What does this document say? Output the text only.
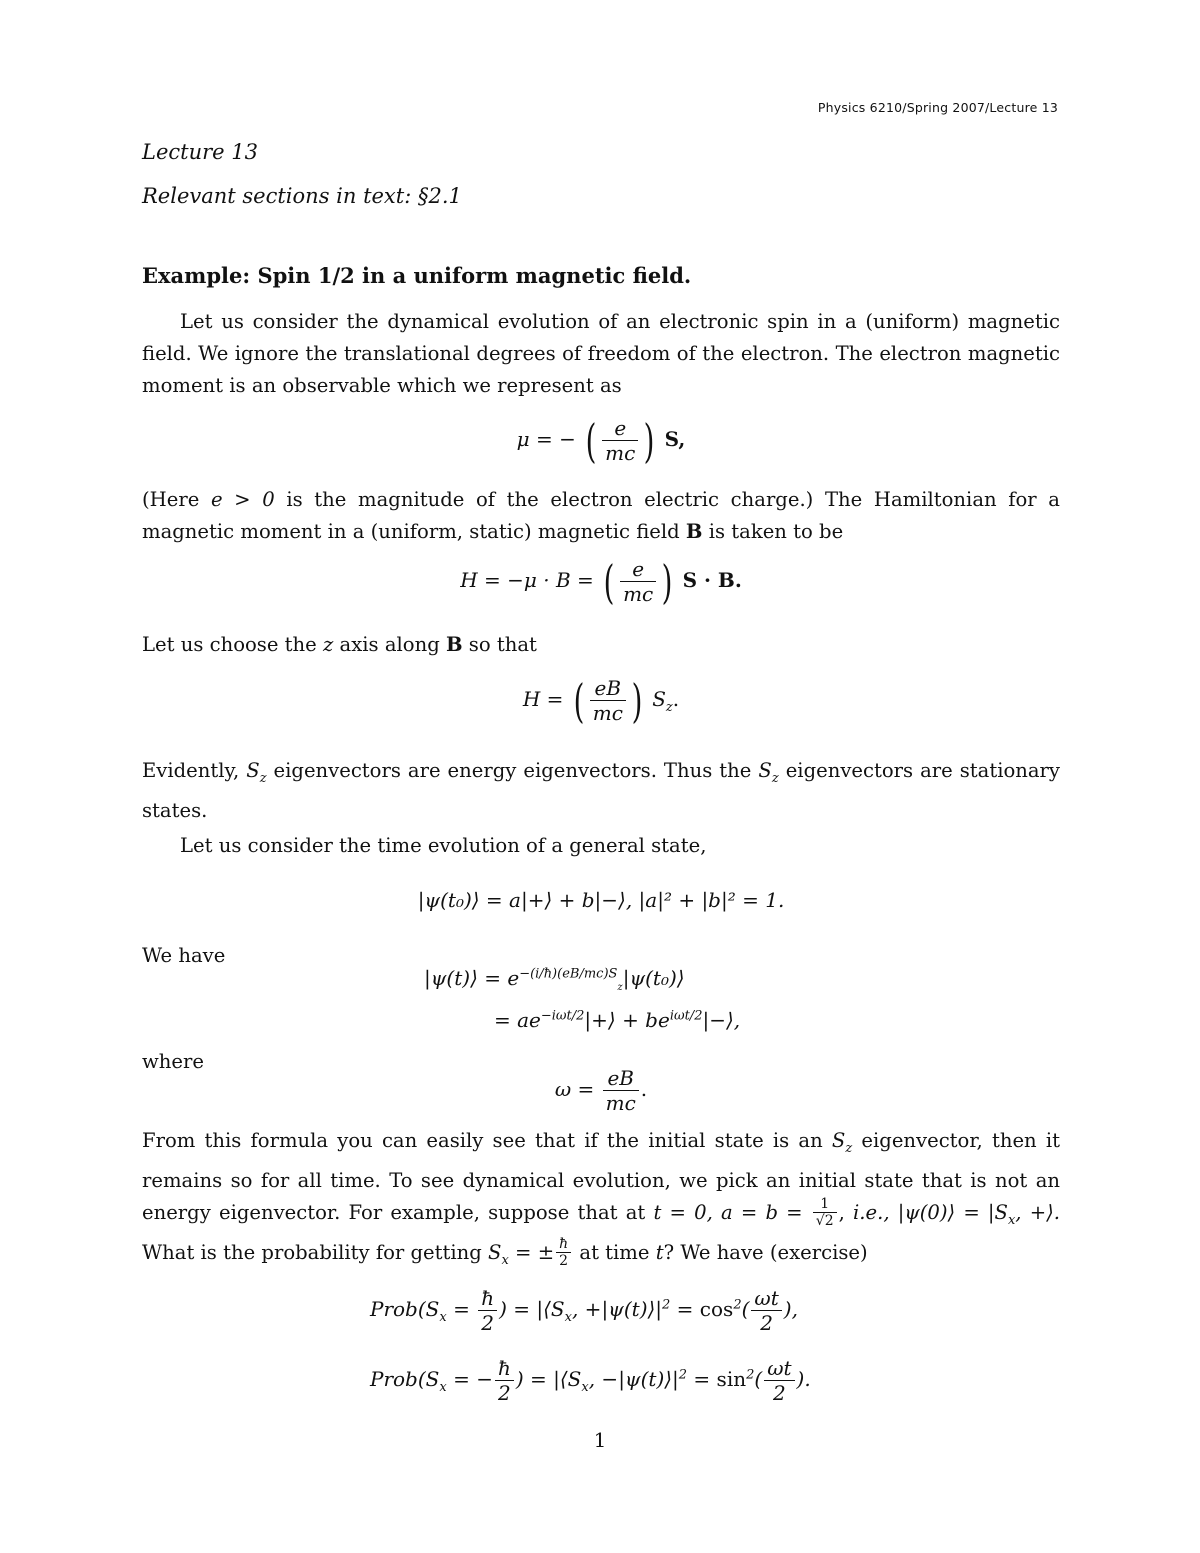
Physics 6210/Spring 2007/Lecture 13
Lecture 13
Relevant sections in text: §2.1
Example: Spin 1/2 in a uniform magnetic field.
Let us consider the dynamical evolution of an electronic spin in a (uniform) magnetic field. We ignore the translational degrees of freedom of the electron. The electron magnetic moment is an observable which we represent as
μ = − ( $\frac{e}{mc}$ ) S,
(Here e > 0 is the magnitude of the electron electric charge.) The Hamiltonian for a magnetic moment in a (uniform, static) magnetic field B is taken to be
H = −μ · B = ( $\frac{e}{mc}$ ) S · B.
Let us choose the z axis along B so that
H = ( $\frac{eB}{mc}$ ) $S_z$.
Evidently, $S_z$ eigenvectors are energy eigenvectors. Thus the $S_z$ eigenvectors are stationary states.
Let us consider the time evolution of a general state,
|ψ(t₀)⟩ = a|+⟩ + b|−⟩, |a|² + |b|² = 1.
We have
|ψ(t)⟩ = $e^{-(i/ħ)(eB/mc)S}_z|\psi(t_0)⟩$
= $ae^{-i\omega t/2}|+⟩$ + $be^{i\omega t/2}|-⟩$,
where
$\omega = \frac{eB}{mc}$ .
From this formula you can easily see that if the initial state is an $S_z$ eigenvector, then it remains so for all time. To see dynamical evolution, we pick an initial state that is not an energy eigenvector. For example, suppose that at t = 0, $a = b = \frac{1}{√2}$ , i.e., |ψ(0)⟩ = $|S_x$, +⟩. What is the probability for getting $S_x$ = ± $\frac{ħ}{2}$ at time t? We have (exercise)
$Prob(S_x = \frac{ħ}{2}$ ) = $|⟨S_x$, $+|\psi(t)⟩|^2 = \cos^2( \frac{\omega t}{2}$ ),
$Prob(S_x$ = − $\frac{ħ}{2}$ ) = $|⟨S_x$, $-|\psi(t)⟩|^2 = \sin^2( \frac{\omega t}{2}$ ).
1
